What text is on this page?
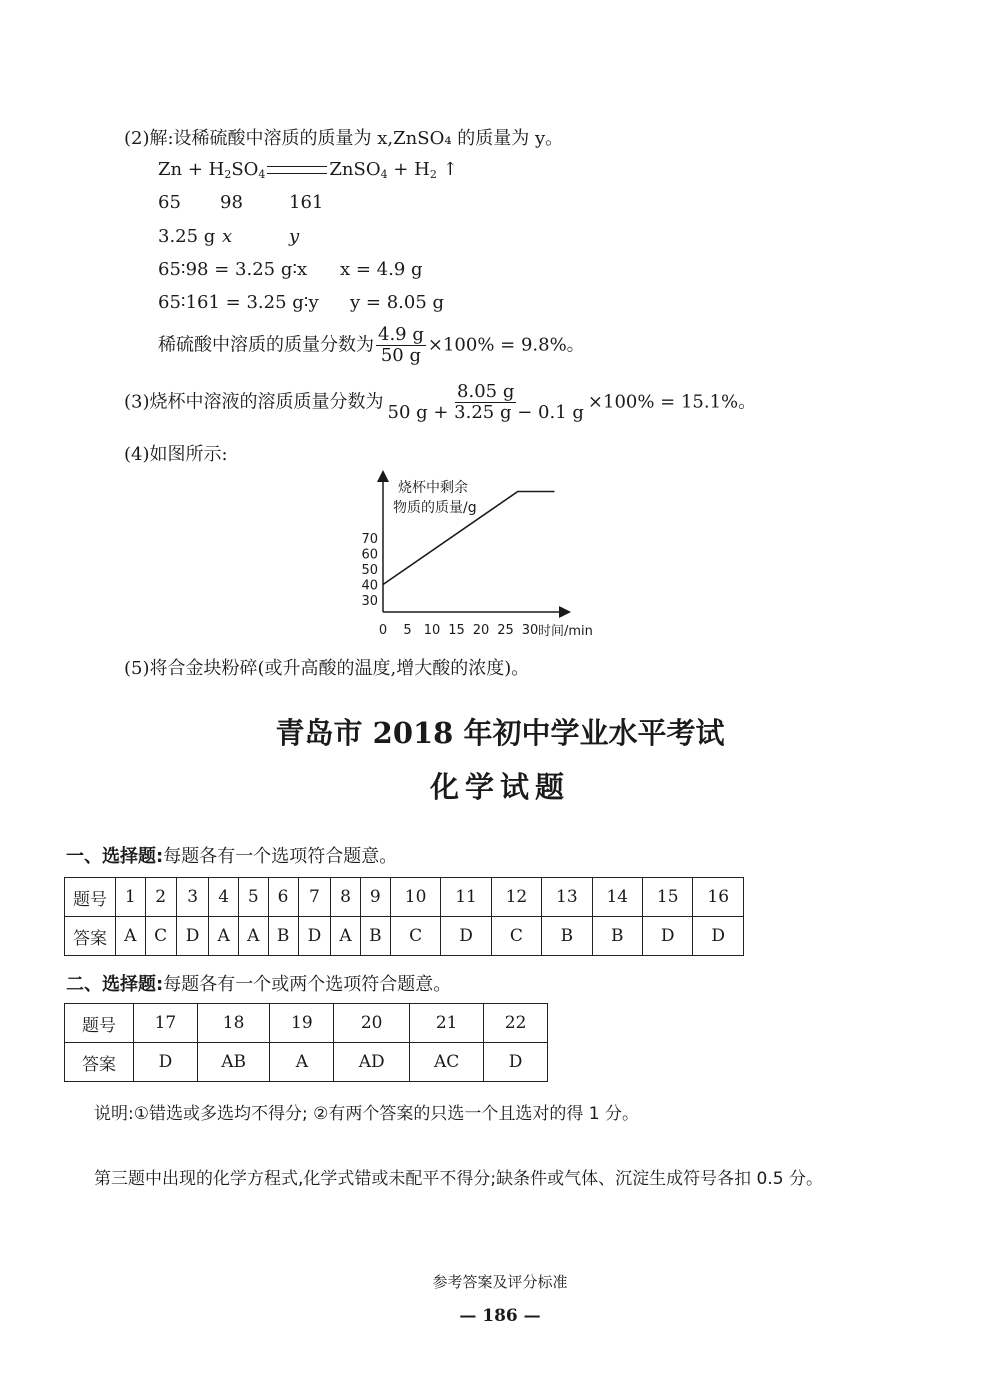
(2)解:设稀硫酸中溶质的质量为 x,ZnSO₄ 的质量为 y。
$Zn + H_2SO_4$	ZnSO$_4$ + $H_2$ ↑
65 98	161
3.25 g x	y
65∶98 = 3.25 g∶x x = 4.9 g
65∶161 = 3.25 g∶y y = 8.05 g
稀硫酸中溶质的质量分数为 $\frac{4.9 g}{50 g} \times 100\% = 9.8\%$。
(3)烧杯中溶液的溶质质量分数为 $\frac{8.05 g}{50 g + 3.25 g - 0.1 g} \times 100\% = 15.1\%$。
(4)如图所示:
烧杯中剩余
物质的质量/g
时间/min
30
40
50
60
70
0 5 10 15 20 25 30
(5)将合金块粉碎(或升高酸的温度,增大酸的浓度)。
青岛市 2018 年初中学业水平考试
化学试题
一、选择题:每题各有一个选项符合题意。
题号	1	2	3	4	5	6	7	8	9	10	11	12	13	14	15	16
答案	A	C	D	A	A	B	D	A	B	C	D	C	B	B	D	D
二、选择题:每题各有一个或两个选项符合题意。
题号	17	18	19	20	21	22
答案	D	AB	A	AD	AC	D
说明:①错选或多选均不得分; ②有两个答案的只选一个且选对的得 1 分。
第三题中出现的化学方程式,化学式错或未配平不得分;缺条件或气体、沉淀生成符号各扣 0.5 分。
参考答案及评分标准
— 186 —
